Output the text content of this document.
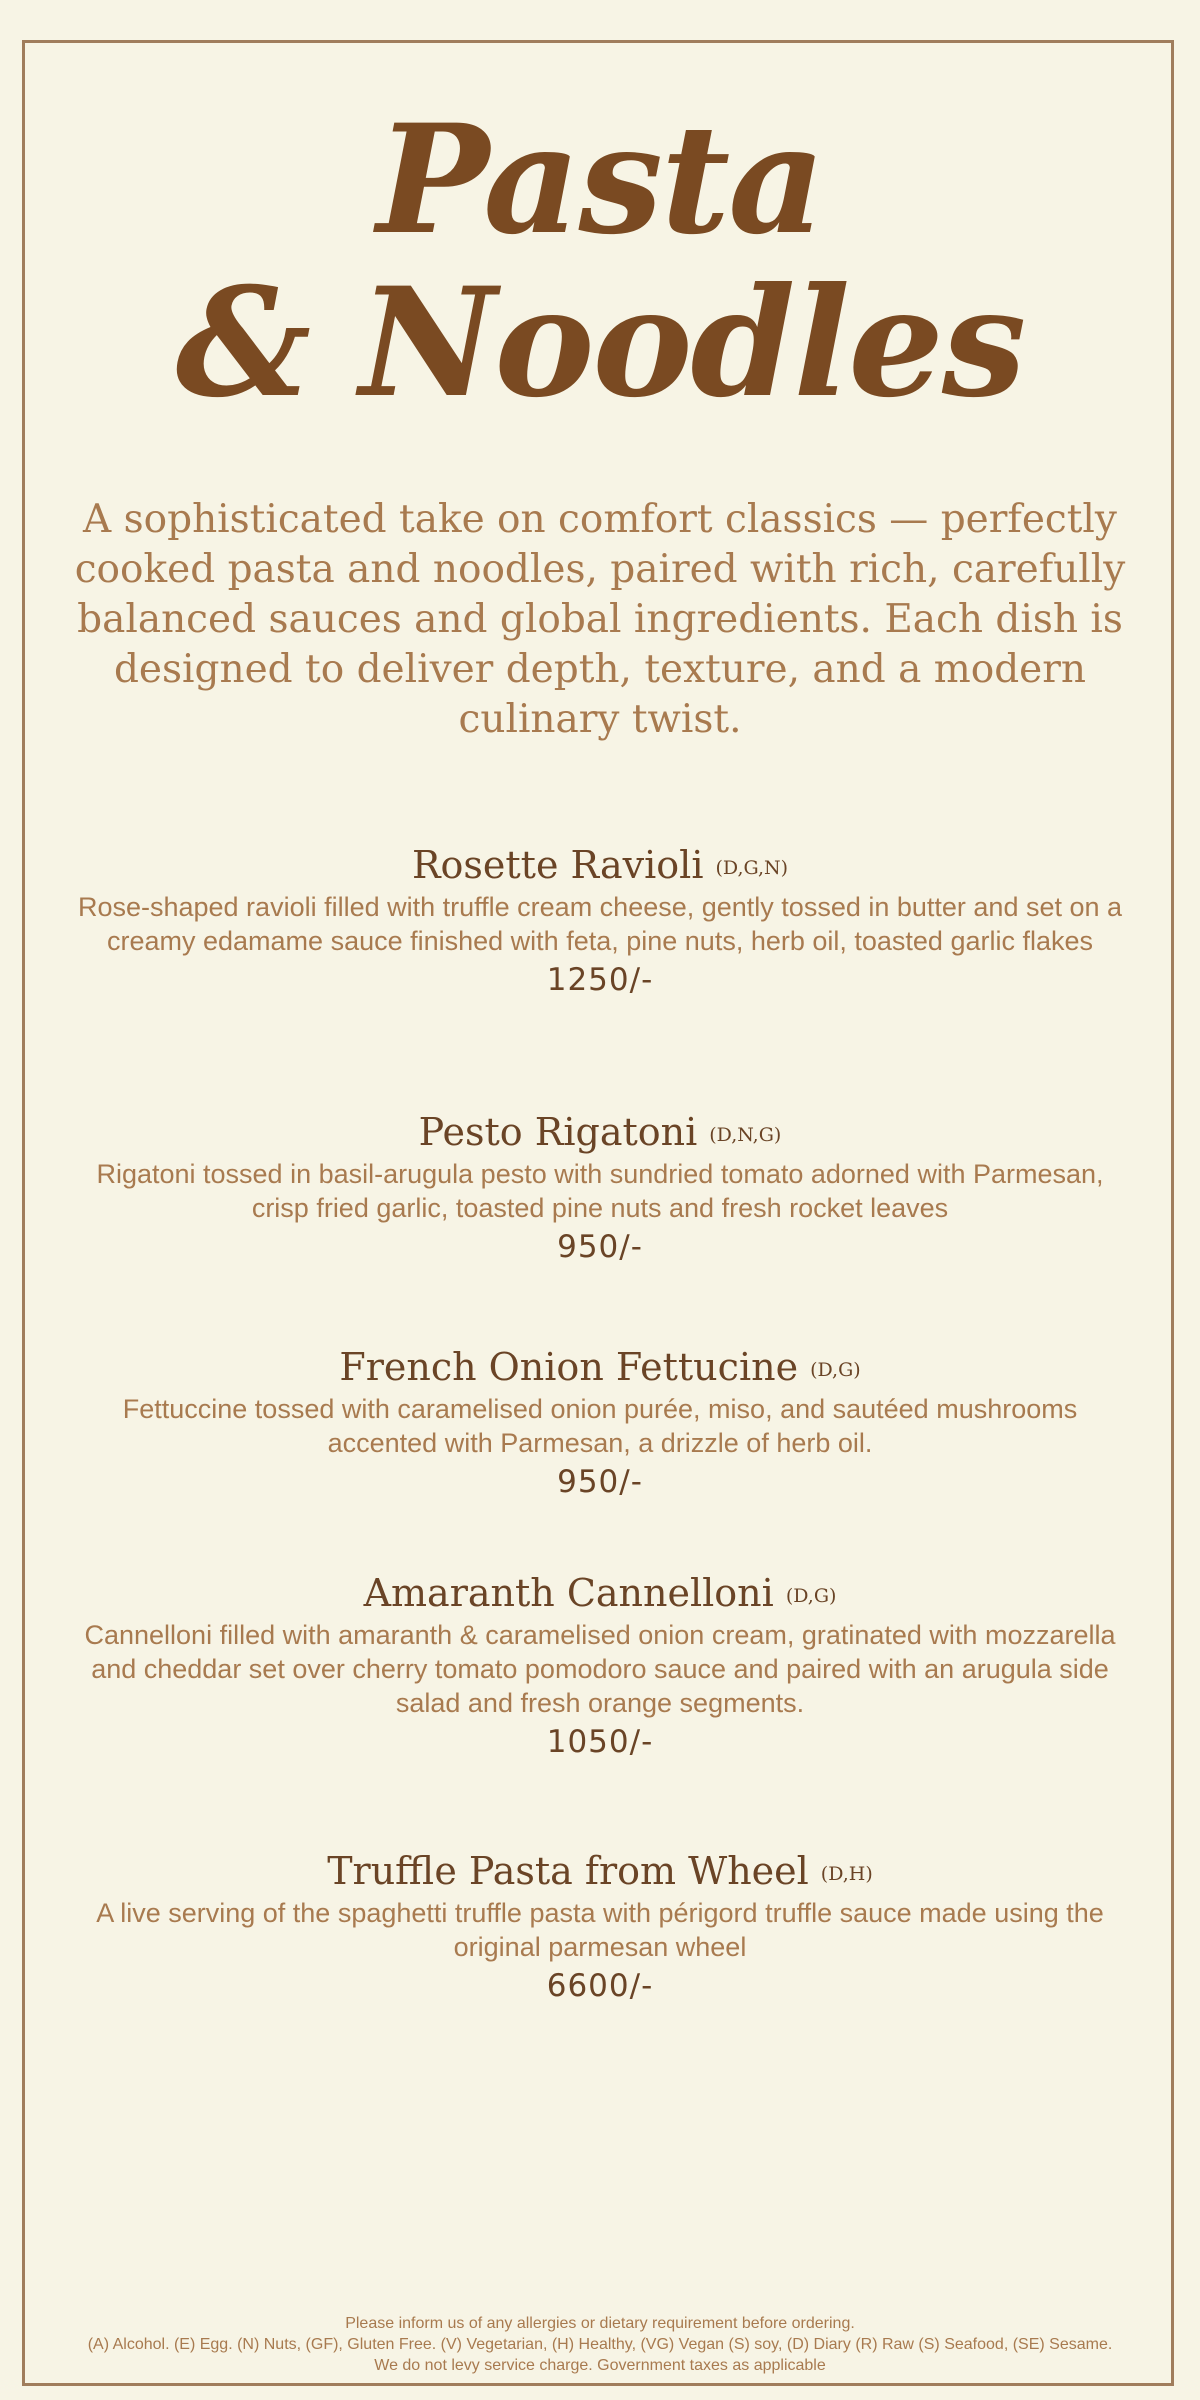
Pasta
& Noodles
A sophisticated take on comfort classics — perfectly cooked pasta and noodles, paired with rich, carefully balanced sauces and global ingredients. Each dish is designed to deliver depth, texture, and a modern culinary twist.
Rosette Ravioli (D,G,N)
Rose-shaped ravioli filled with truffle cream cheese, gently tossed in butter and set on a creamy edamame sauce finished with feta, pine nuts, herb oil, toasted garlic flakes
1250/-
Pesto Rigatoni (D,N,G)
Rigatoni tossed in basil-arugula pesto with sundried tomato adorned with Parmesan, crisp fried garlic, toasted pine nuts and fresh rocket leaves
950/-
French Onion Fettucine (D,G)
Fettuccine tossed with caramelised onion purée, miso, and sautéed mushrooms accented with Parmesan, a drizzle of herb oil.
950/-
Amaranth Cannelloni (D,G)
Cannelloni filled with amaranth & caramelised onion cream, gratinated with mozzarella and cheddar set over cherry tomato pomodoro sauce and paired with an arugula side salad and fresh orange segments.
1050/-
Truffle Pasta from Wheel (D,H)
A live serving of the spaghetti truffle pasta with périgord truffle sauce made using the original parmesan wheel
6600/-
Please inform us of any allergies or dietary requirement before ordering.
(A) Alcohol. (E) Egg. (N) Nuts, (GF), Gluten Free. (V) Vegetarian, (H) Healthy, (VG) Vegan (S) soy, (D) Diary (R) Raw (S) Seafood, (SE) Sesame.
We do not levy service charge. Government taxes as applicable
